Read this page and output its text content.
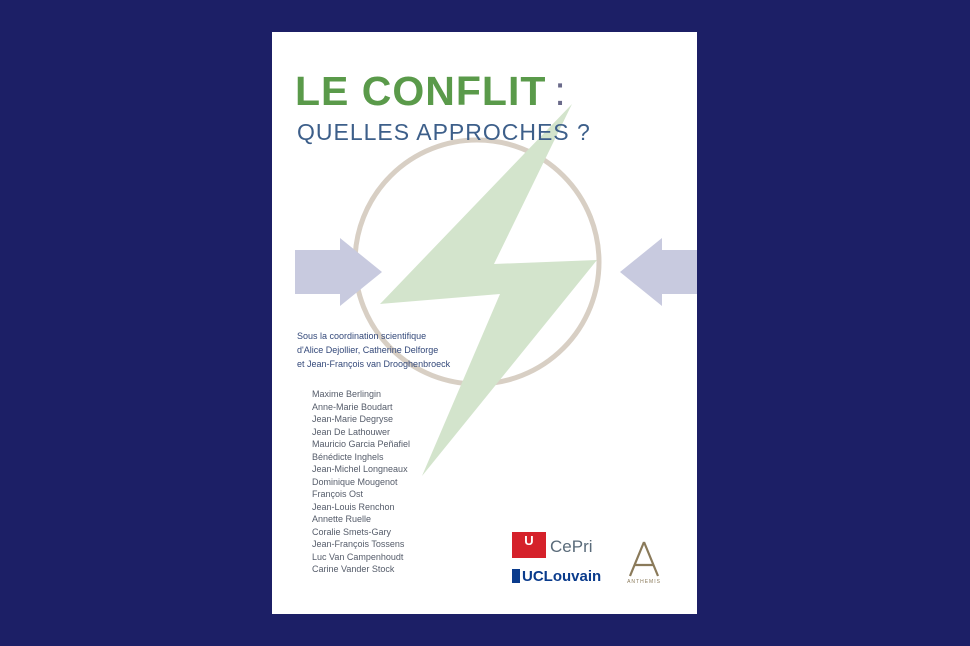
LE CONFLIT :
QUELLES APPROCHES ?
Sous la coordination scientifique
d'Alice Dejollier, Catherine Delforge
et Jean-François van Drooghenbroeck
Maxime Berlingin
Anne-Marie Boudart
Jean-Marie Degryse
Jean De Lathouwer
Mauricio Garcia Peñafiel
Bénédicte Inghels
Jean-Michel Longneaux
Dominique Mougenot
François Ost
Jean-Louis Renchon
Annette Ruelle
Coralie Smets-Gary
Jean-François Tossens
Luc Van Campenhoudt
Carine Vander Stock
U CePri
UCLouvain	ANTHEMIS
